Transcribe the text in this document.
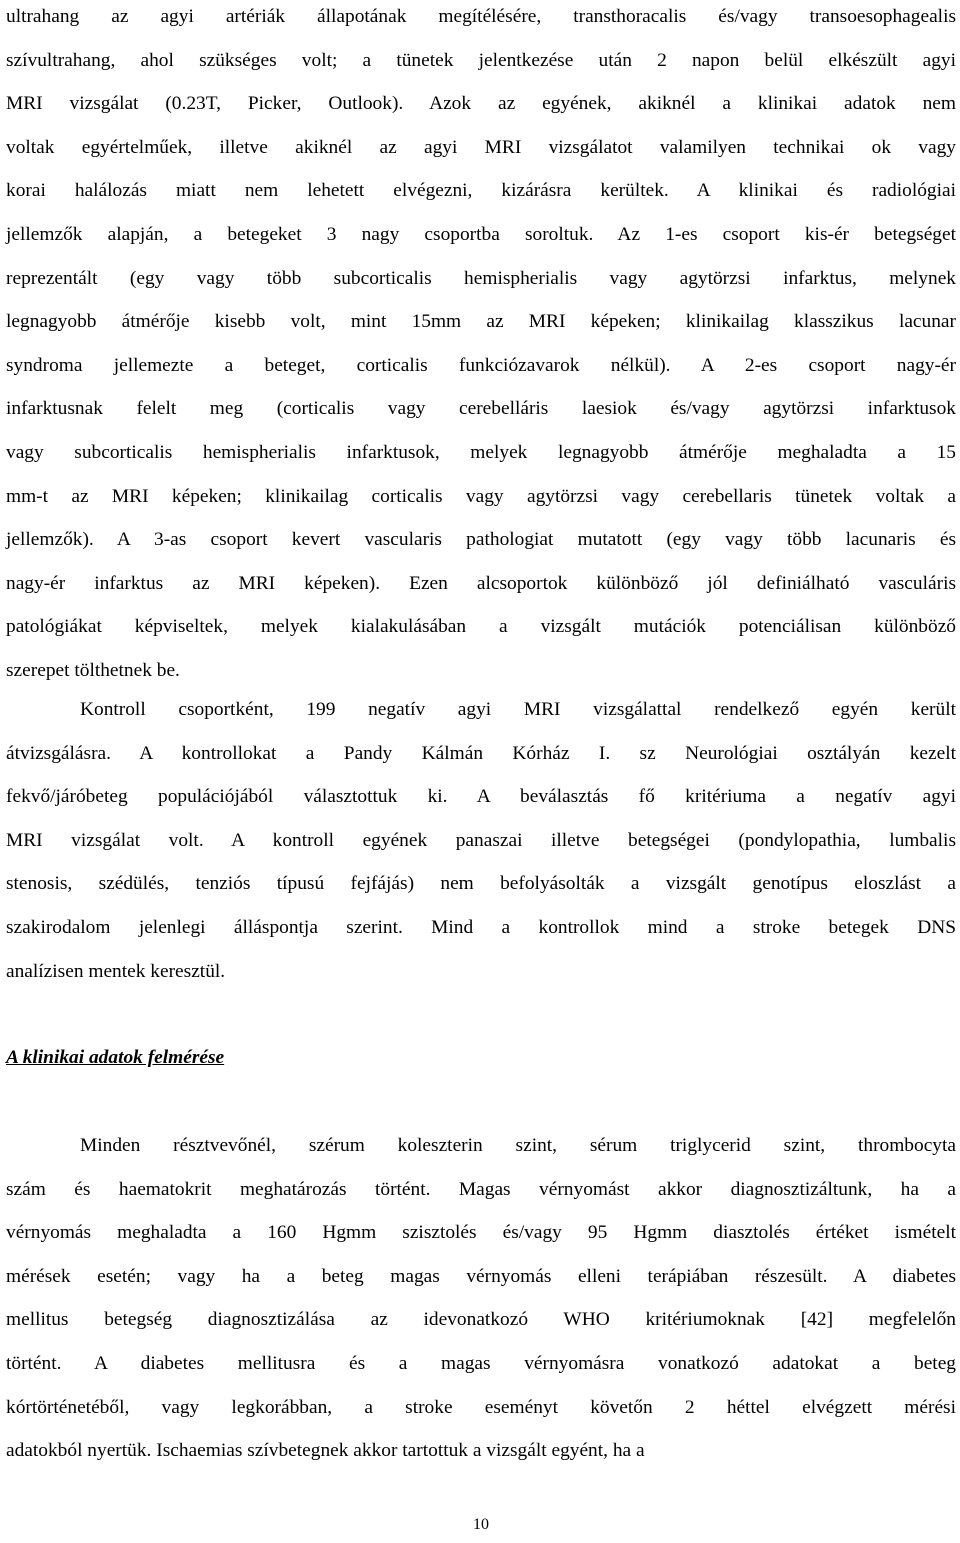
ultrahang az agyi artériák állapotának megítélésére, transthoracalis és/vagy transoesophagealis
szívultrahang, ahol szükséges volt; a tünetek jelentkezése után 2 napon belül elkészült agyi
MRI vizsgálat (0.23T, Picker, Outlook). Azok az egyének, akiknél a klinikai adatok nem
voltak egyértelműek, illetve akiknél az agyi MRI vizsgálatot valamilyen technikai ok vagy
korai halálozás miatt nem lehetett elvégezni, kizárásra kerültek. A klinikai és radiológiai
jellemzők alapján, a betegeket 3 nagy csoportba soroltuk. Az 1-es csoport kis-ér betegséget
reprezentált (egy vagy több subcorticalis hemispherialis vagy agytörzsi infarktus, melynek
legnagyobb átmérője kisebb volt, mint 15mm az MRI képeken; klinikailag klasszikus lacunar
syndroma jellemezte a beteget, corticalis funkciózavarok nélkül). A 2-es csoport nagy-ér
infarktusnak felelt meg (corticalis vagy cerebelláris laesiok és/vagy agytörzsi infarktusok
vagy subcorticalis hemispherialis infarktusok, melyek legnagyobb átmérője meghaladta a 15
mm-t az MRI képeken; klinikailag corticalis vagy agytörzsi vagy cerebellaris tünetek voltak a
jellemzők). A 3-as csoport kevert vascularis pathologiat mutatott (egy vagy több lacunaris és
nagy-ér infarktus az MRI képeken). Ezen alcsoportok különböző jól definiálható vasculáris
patológiákat képviseltek, melyek kialakulásában a vizsgált mutációk potenciálisan különböző
szerepet tölthetnek be.
Kontroll csoportként, 199 negatív agyi MRI vizsgálattal rendelkező egyén került
átvizsgálásra. A kontrollokat a Pandy Kálmán Kórház I. sz Neurológiai osztályán kezelt
fekvő/járóbeteg populációjából választottuk ki. A beválasztás fő kritériuma a negatív agyi
MRI vizsgálat volt. A kontroll egyének panaszai illetve betegségei (pondylopathia, lumbalis
stenosis, szédülés, tenziós típusú fejfájás) nem befolyásolták a vizsgált genotípus eloszlást a
szakirodalom jelenlegi álláspontja szerint. Mind a kontrollok mind a stroke betegek DNS
analízisen mentek keresztül.
A klinikai adatok felmérése
Minden résztvevőnél, szérum koleszterin szint, sérum triglycerid szint, thrombocyta
szám és haematokrit meghatározás történt. Magas vérnyomást akkor diagnosztizáltunk, ha a
vérnyomás meghaladta a 160 Hgmm szisztolés és/vagy 95 Hgmm diasztolés értéket ismételt
mérések esetén; vagy ha a beteg magas vérnyomás elleni terápiában részesült. A diabetes
mellitus betegség diagnosztizálása az idevonatkozó WHO kritériumoknak [42] megfelelőn
történt. A diabetes mellitusra és a magas vérnyomásra vonatkozó adatokat a beteg
kórtörténetéből, vagy legkorábban, a stroke eseményt követőn 2 héttel elvégzett mérési
adatokból nyertük. Ischaemias szívbetegnek akkor tartottuk a vizsgált egyént, ha a
10
